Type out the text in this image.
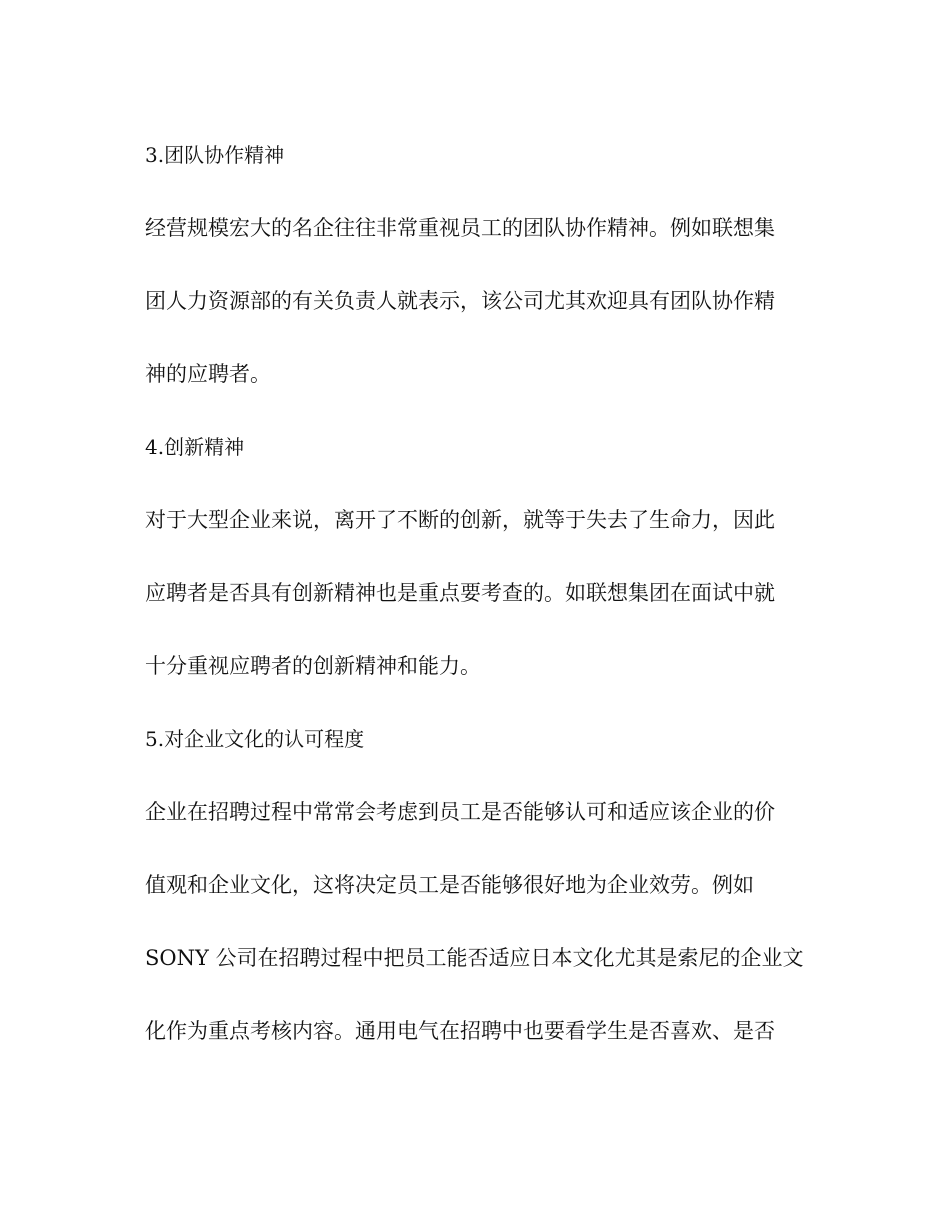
3.团队协作精神
经营规模宏大的名企往往非常重视员工的团队协作精神。例如联想集
团人力资源部的有关负责人就表示，该公司尤其欢迎具有团队协作精
神的应聘者。
4.创新精神
对于大型企业来说，离开了不断的创新，就等于失去了生命力，因此
应聘者是否具有创新精神也是重点要考查的。如联想集团在面试中就
十分重视应聘者的创新精神和能力。
5.对企业文化的认可程度
企业在招聘过程中常常会考虑到员工是否能够认可和适应该企业的价
值观和企业文化，这将决定员工是否能够很好地为企业效劳。例如
SONY 公司在招聘过程中把员工能否适应日本文化尤其是索尼的企业文
化作为重点考核内容。通用电气在招聘中也要看学生是否喜欢、是否
